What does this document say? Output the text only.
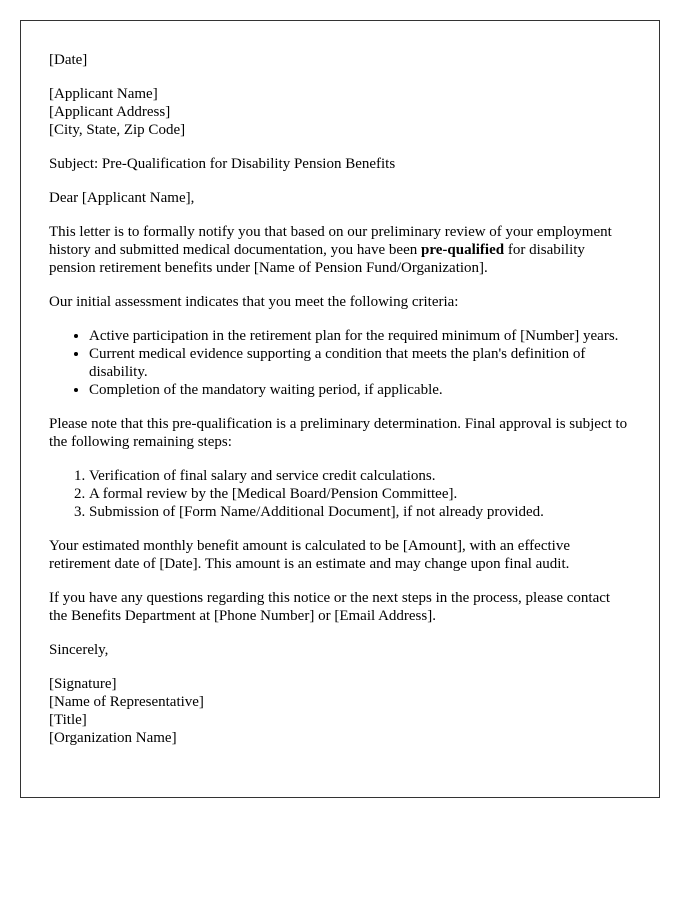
[Date]

[Applicant Name]
[Applicant Address]
[City, State, Zip Code]

Subject: Pre-Qualification for Disability Pension Benefits

Dear [Applicant Name],

This letter is to formally notify you that based on our preliminary review of your employment history and submitted medical documentation, you have been pre-qualified for disability pension retirement benefits under [Name of Pension Fund/Organization].

Our initial assessment indicates that you meet the following criteria:

• Active participation in the retirement plan for the required minimum of [Number] years.
• Current medical evidence supporting a condition that meets the plan's definition of disability.
• Completion of the mandatory waiting period, if applicable.

Please note that this pre-qualification is a preliminary determination. Final approval is subject to the following remaining steps:

1. Verification of final salary and service credit calculations.
2. A formal review by the [Medical Board/Pension Committee].
3. Submission of [Form Name/Additional Document], if not already provided.

Your estimated monthly benefit amount is calculated to be [Amount], with an effective retirement date of [Date]. This amount is an estimate and may change upon final audit.

If you have any questions regarding this notice or the next steps in the process, please contact the Benefits Department at [Phone Number] or [Email Address].

Sincerely,

[Signature]
[Name of Representative]
[Title]
[Organization Name]
